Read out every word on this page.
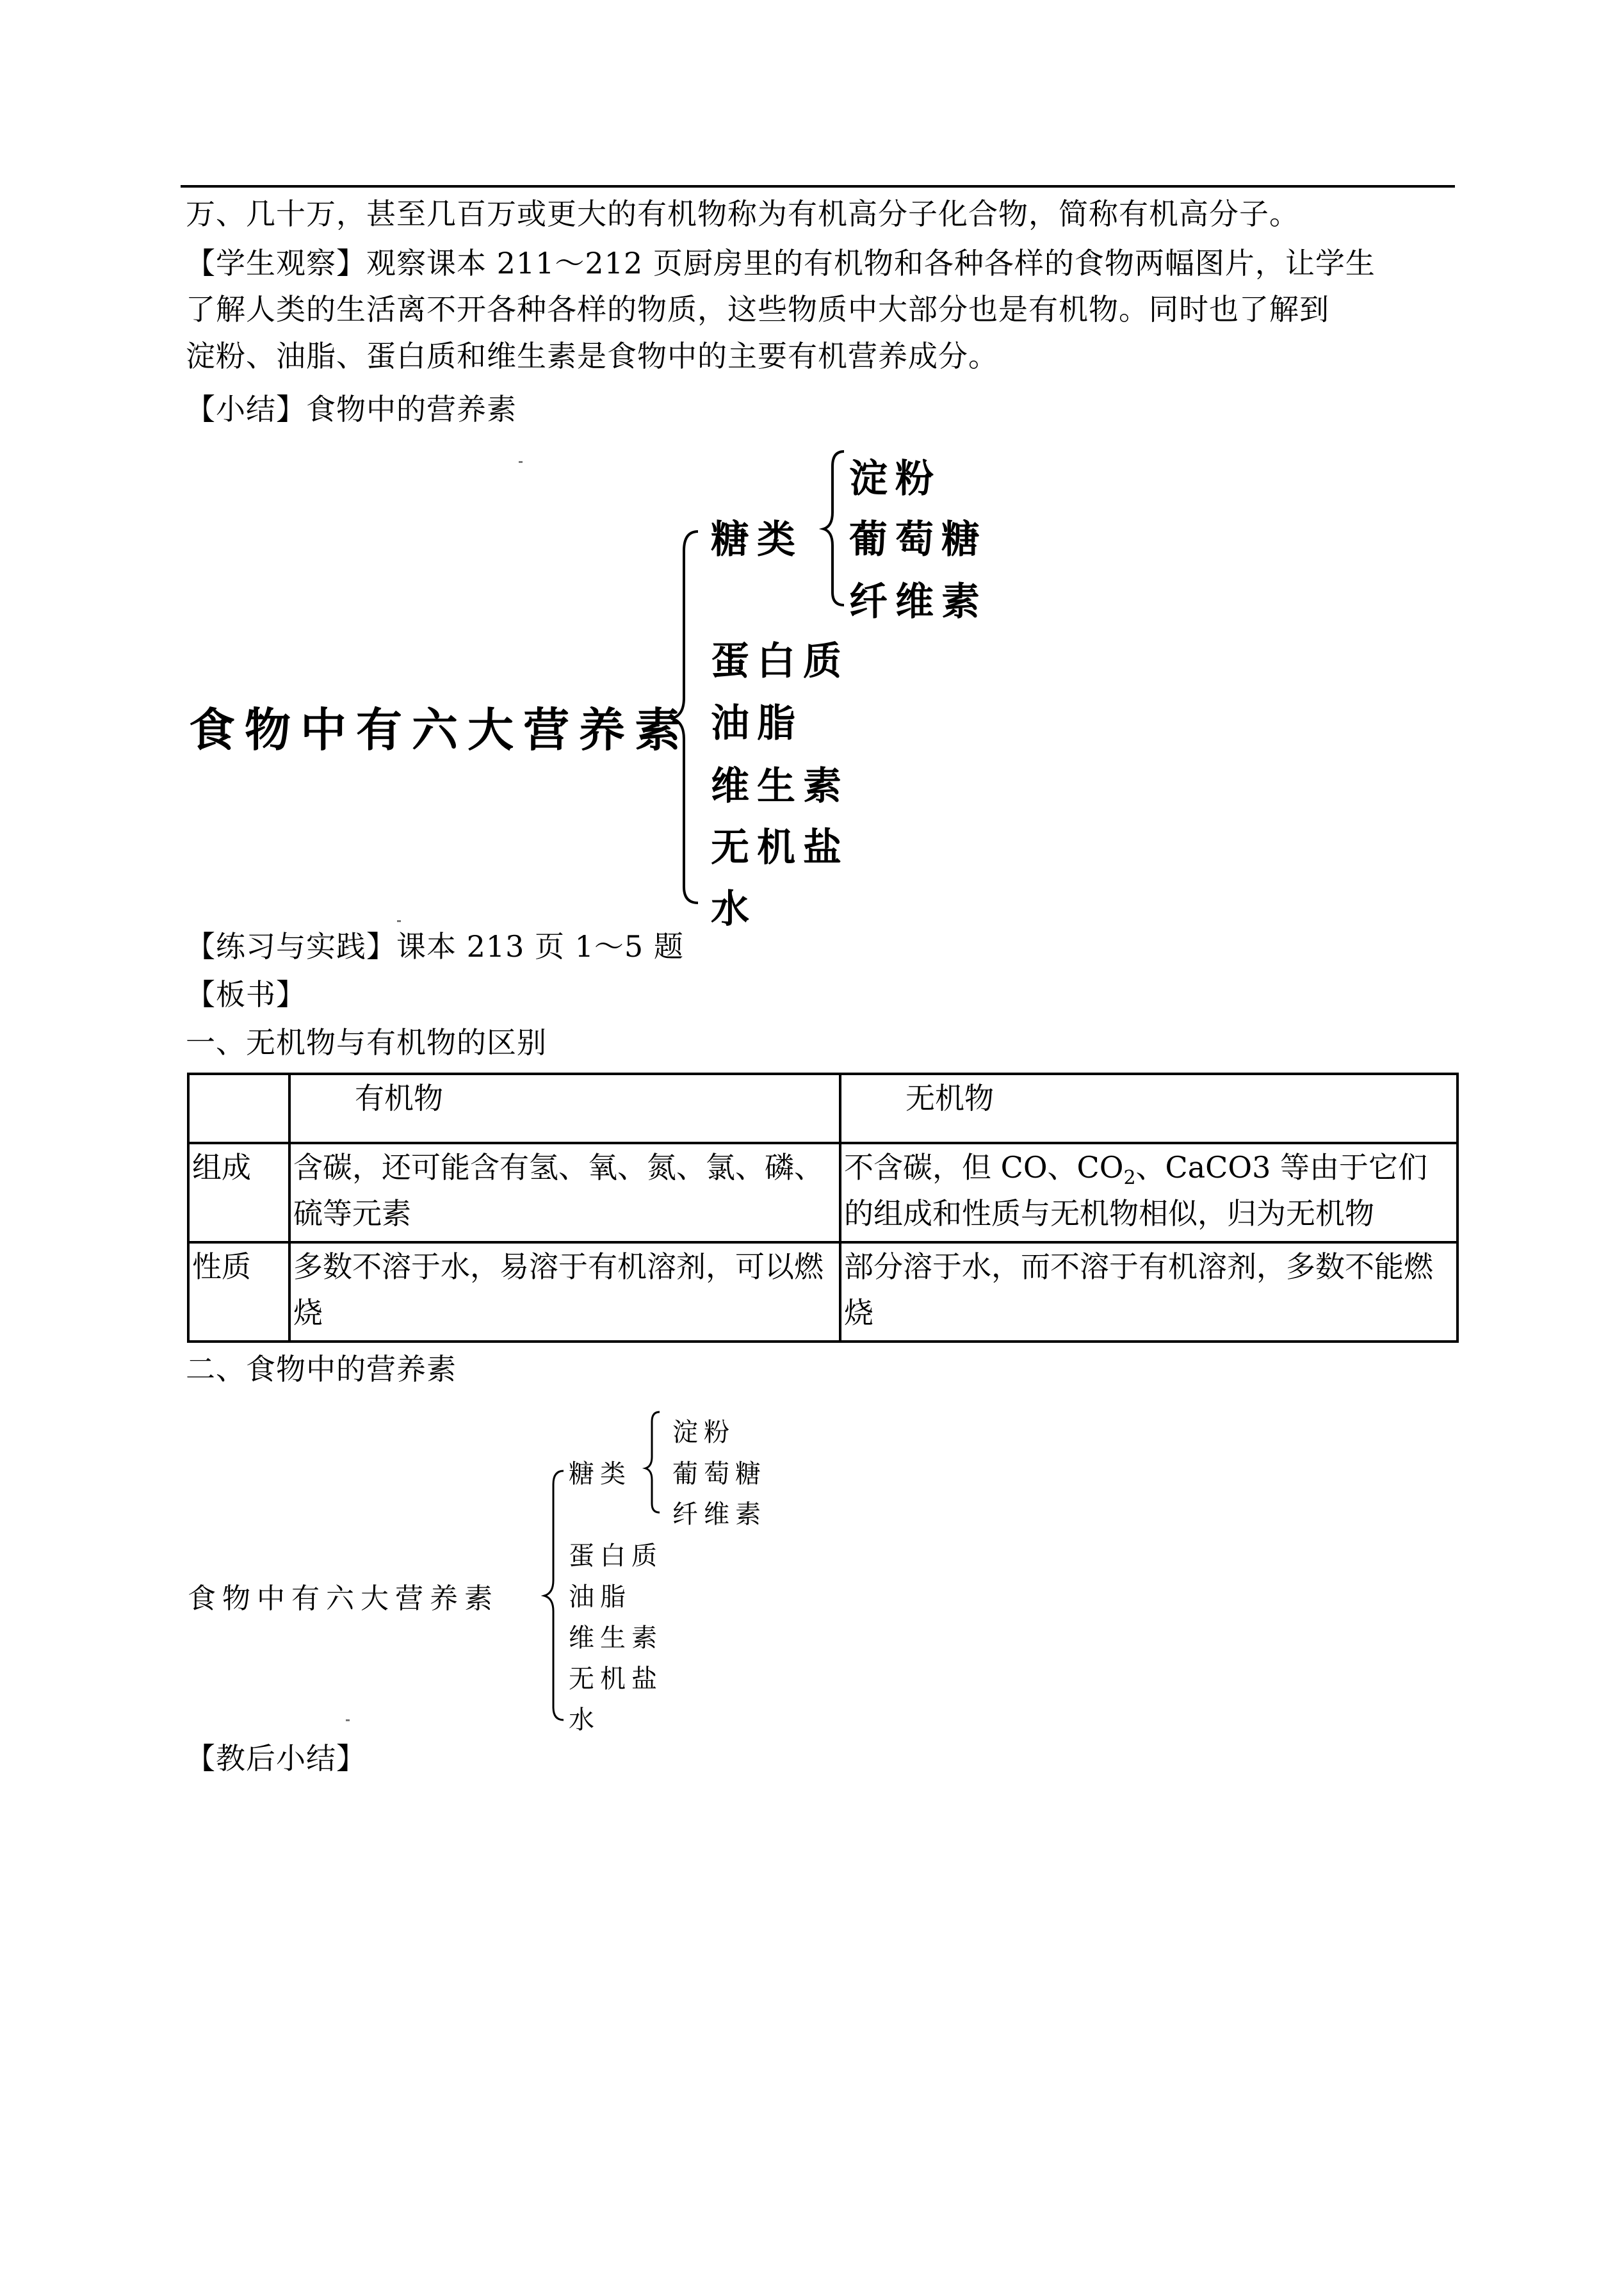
万、几十万，甚至几百万或更大的有机物称为有机高分子化合物，简称有机高分子。
【学生观察】观察课本 211～212 页厨房里的有机物和各种各样的食物两幅图片，让学生
了解人类的生活离不开各种各样的物质，这些物质中大部分也是有机物。同时也了解到
淀粉、油脂、蛋白质和维生素是食物中的主要有机营养成分。
【小结】食物中的营养素
食物中有六大营养素
糖类
淀粉
葡萄糖
纤维素
蛋白质
油脂
维生素
无机盐
水
【练习与实践】课本 213 页 1～5 题
【板书】
一、无机物与有机物的区别
	有机物	无机物
组成	含碳，还可能含有氢、氧、氮、氯、磷、硫等元素	不含碳，但 CO、$CO_2$、CaCO3 等由于它们的组成和性质与无机物相似，归为无机物
性质	多数不溶于水，易溶于有机溶剂，可以燃烧	部分溶于水，而不溶于有机溶剂，多数不能燃烧
二、食物中的营养素
食物中有六大营养素
糖类
淀粉
葡萄糖
纤维素
蛋白质
油脂
维生素
无机盐
水
【教后小结】
